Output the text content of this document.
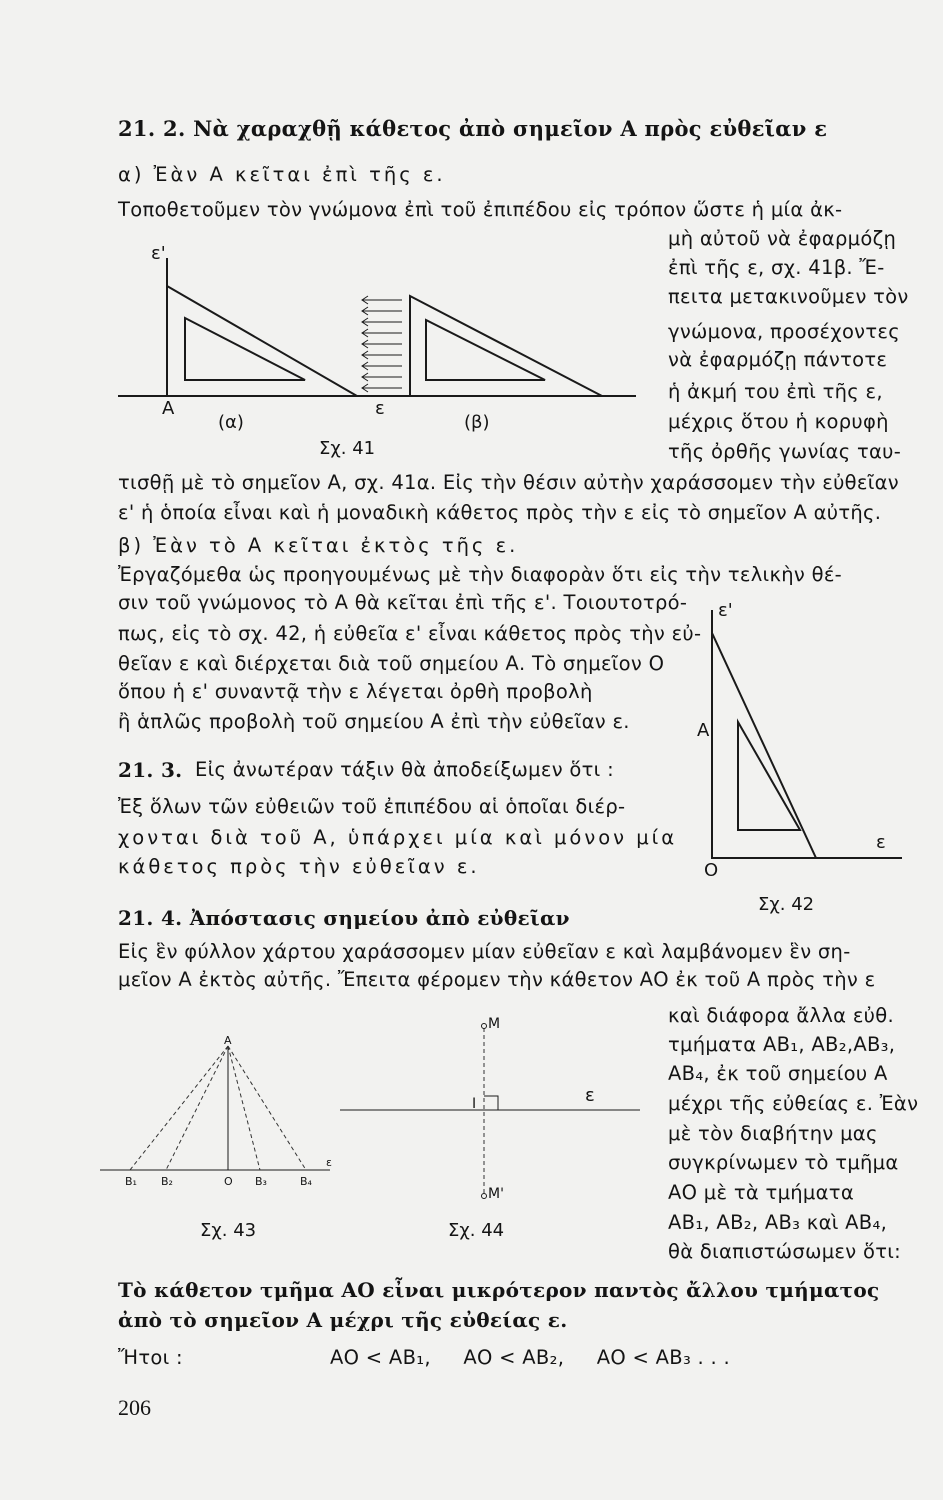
21. 2. Νὰ χαραχθῇ κάθετος ἀπὸ σημεῖον Α πρὸς εὐθεῖαν ε
α) Ἐὰν Α κεῖται ἐπὶ τῆς ε.
Τοποθετοῦμεν τὸν γνώμονα ἐπὶ τοῦ ἐπιπέδου εἰς τρόπον ὥστε ἡ μία ἀκ-
μὴ αὐτοῦ νὰ ἐφαρμόζῃ
ἐπὶ τῆς ε, σχ. 41β. Ἔ-
πειτα μετακινοῦμεν τὸν
γνώμονα, προσέχοντες
νὰ ἐφαρμόζῃ πάντοτε
ἡ ἀκμή του ἐπὶ τῆς ε,
μέχρις ὅτου ἡ κορυφὴ
τῆς ὀρθῆς γωνίας ταυ-
τισθῇ μὲ τὸ σημεῖον Α, σχ. 41α. Εἰς τὴν θέσιν αὐτὴν χαράσσομεν τὴν εὐθεῖαν
ε' ἡ ὁποία εἶναι καὶ ἡ μοναδικὴ κάθετος πρὸς τὴν ε εἰς τὸ σημεῖον Α αὐτῆς.
β) Ἐὰν τὸ Α κεῖται ἐκτὸς τῆς ε.
Ἐργαζόμεθα ὡς προηγουμένως μὲ τὴν διαφορὰν ὅτι εἰς τὴν τελικὴν θέ-
σιν τοῦ γνώμονος τὸ Α θὰ κεῖται ἐπὶ τῆς ε'. Τοιουτοτρό-
πως, εἰς τὸ σχ. 42, ἡ εὐθεῖα ε' εἶναι κάθετος πρὸς τὴν εὐ-
θεῖαν ε καὶ διέρχεται διὰ τοῦ σημείου Α. Τὸ σημεῖον Ο
ὅπου ἡ ε' συναντᾷ τὴν ε λέγεται ὀρθὴ προβολὴ
ἢ ἁπλῶς προβολὴ τοῦ σημείου Α ἐπὶ τὴν εὐθεῖαν ε.
21. 3. Εἰς ἀνωτέραν τάξιν θὰ ἀποδείξωμεν ὅτι :
Ἐξ ὅλων τῶν εὐθειῶν τοῦ ἐπιπέδου αἱ ὁποῖαι διέρ-
χονται διὰ τοῦ Α, ὑπάρχει μία καὶ μόνον μία
κάθετος πρὸς τὴν εὐθεῖαν ε.
21. 4. Ἀπόστασις σημείου ἀπὸ εὐθεῖαν
Εἰς ἓν φύλλον χάρτου χαράσσομεν μίαν εὐθεῖαν ε καὶ λαμβάνομεν ἓν ση-
μεῖον Α ἐκτὸς αὐτῆς. Ἔπειτα φέρομεν τὴν κάθετον ΑΟ ἐκ τοῦ Α πρὸς τὴν ε
καὶ διάφορα ἄλλα εὐθ.
τμήματα ΑΒ₁, ΑΒ₂,ΑΒ₃,
ΑΒ₄, ἐκ τοῦ σημείου Α
μέχρι τῆς εὐθείας ε. Ἐὰν
μὲ τὸν διαβήτην μας
συγκρίνωμεν τὸ τμῆμα
ΑΟ μὲ τὰ τμήματα
ΑΒ₁, ΑΒ₂, ΑΒ₃ καὶ ΑΒ₄,
θὰ διαπιστώσωμεν ὅτι:
Τὸ κάθετον τμῆμα ΑΟ εἶναι μικρότερον παντὸς ἄλλου τμήματος
ἀπὸ τὸ σημεῖον Α μέχρι τῆς εὐθείας ε.
Ἤτοι :	ΑΟ < ΑΒ₁,     ΑΟ < ΑΒ₂,     ΑΟ < ΑΒ₃ . . .
ε'
Α	ε
(α)	(β)
Σχ. 41
ε'
Α
Ο
ε
Σχ. 42
Α
Β₁ Β₂	Ο Β₃	Β₄
ε
Σχ. 43
Μ
Μ'
Ι	ε
Σχ. 44
206
